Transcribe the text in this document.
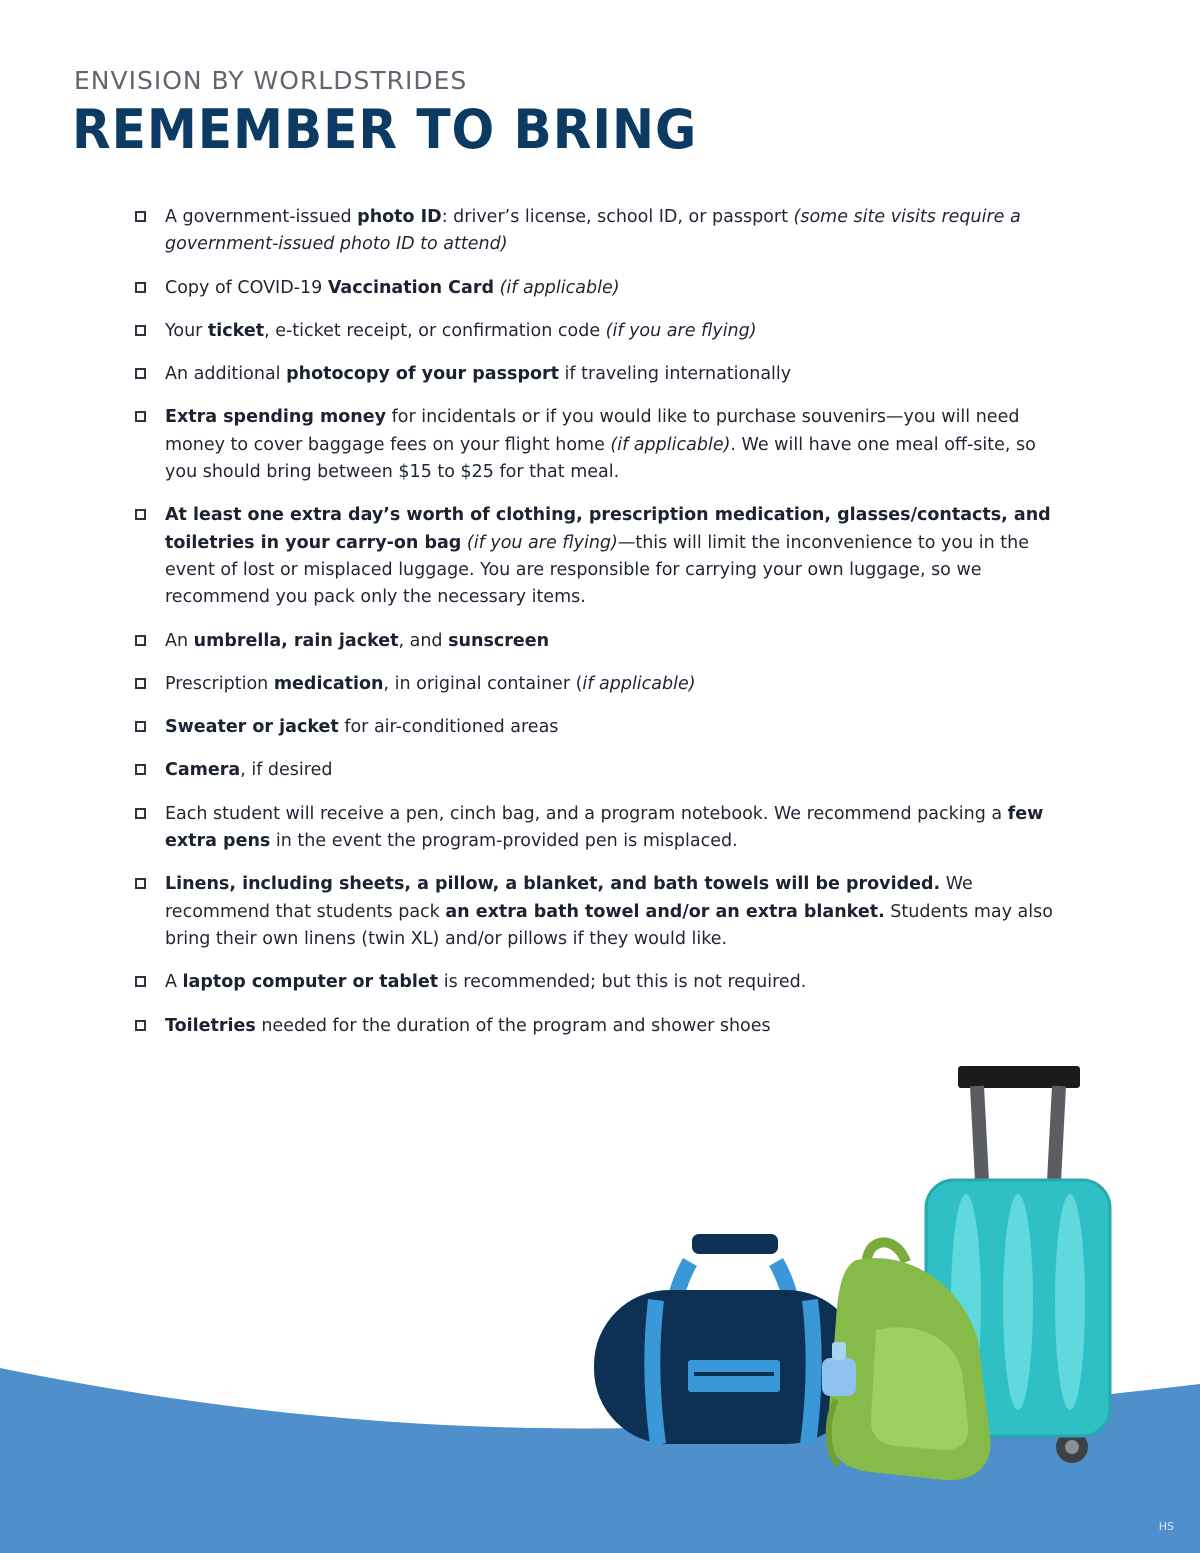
ENVISION BY WORLDSTRIDES
REMEMBER TO BRING
A government-issued photo ID: driver’s license, school ID, or passport (some site visits require a government-issued photo ID to attend)
Copy of COVID-19 Vaccination Card (if applicable)
Your ticket, e-ticket receipt, or confirmation code (if you are flying)
An additional photocopy of your passport if traveling internationally
Extra spending money for incidentals or if you would like to purchase souvenirs—you will need money to cover baggage fees on your flight home (if applicable). We will have one meal off-site, so you should bring between $15 to $25 for that meal.
At least one extra day’s worth of clothing, prescription medication, glasses/contacts, and toiletries in your carry-on bag (if you are flying)—this will limit the inconvenience to you in the event of lost or misplaced luggage. You are responsible for carrying your own luggage, so we recommend you pack only the necessary items.
An umbrella, rain jacket, and sunscreen
Prescription medication, in original container (if applicable)
Sweater or jacket for air-conditioned areas
Camera, if desired
Each student will receive a pen, cinch bag, and a program notebook. We recommend packing a few extra pens in the event the program-provided pen is misplaced.
Linens, including sheets, a pillow, a blanket, and bath towels will be provided. We recommend that students pack an extra bath towel and/or an extra blanket. Students may also bring their own linens (twin XL) and/or pillows if they would like.
A laptop computer or tablet is recommended; but this is not required.
Toiletries needed for the duration of the program and shower shoes
HS
